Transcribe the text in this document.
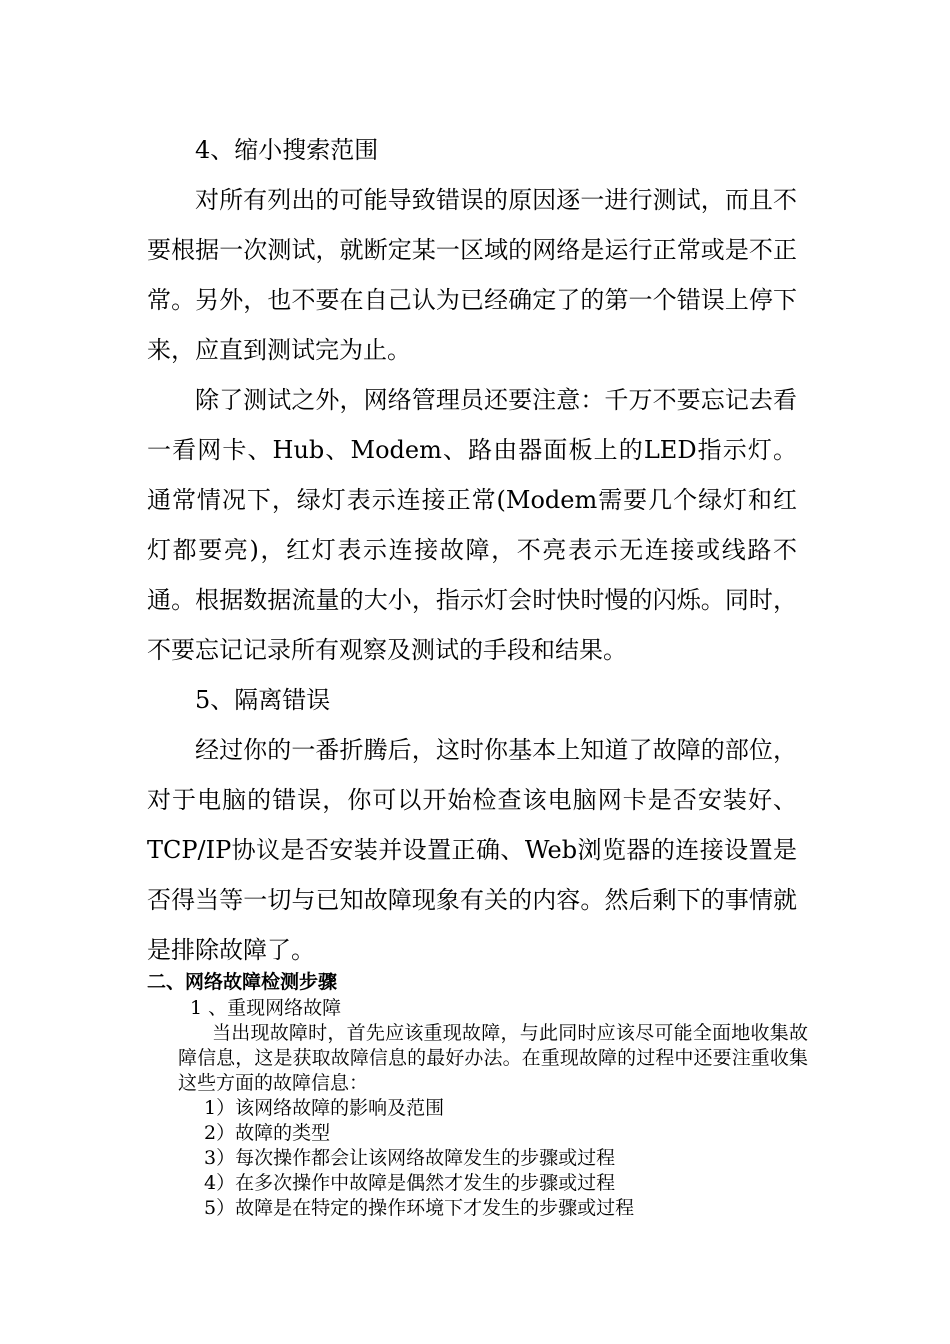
4、缩小搜索范围

对所有列出的可能导致错误的原因逐一进行测试，而且不要根据一次测试，就断定某一区域的网络是运行正常或是不正常。另外，也不要在自己认为已经确定了的第一个错误上停下来，应直到测试完为止。

除了测试之外，网络管理员还要注意：千万不要忘记去看一看网卡、Hub、Modem、路由器面板上的LED指示灯。通常情况下，绿灯表示连接正常(Modem需要几个绿灯和红灯都要亮)，红灯表示连接故障，不亮表示无连接或线路不通。根据数据流量的大小，指示灯会时快时慢的闪烁。同时，不要忘记记录所有观察及测试的手段和结果。

5、隔离错误

经过你的一番折腾后，这时你基本上知道了故障的部位，对于电脑的错误，你可以开始检查该电脑网卡是否安装好、TCP/IP协议是否安装并设置正确、Web浏览器的连接设置是否得当等一切与已知故障现象有关的内容。然后剩下的事情就是排除故障了。

二、网络故障检测步骤

1 、重现网络故障

当出现故障时，首先应该重现故障，与此同时应该尽可能全面地收集故障信息，这是获取故障信息的最好办法。在重现故障的过程中还要注重收集这些方面的故障信息：

1）该网络故障的影响及范围

2）故障的类型

3）每次操作都会让该网络故障发生的步骤或过程

4）在多次操作中故障是偶然才发生的步骤或过程

5）故障是在特定的操作环境下才发生的步骤或过程
